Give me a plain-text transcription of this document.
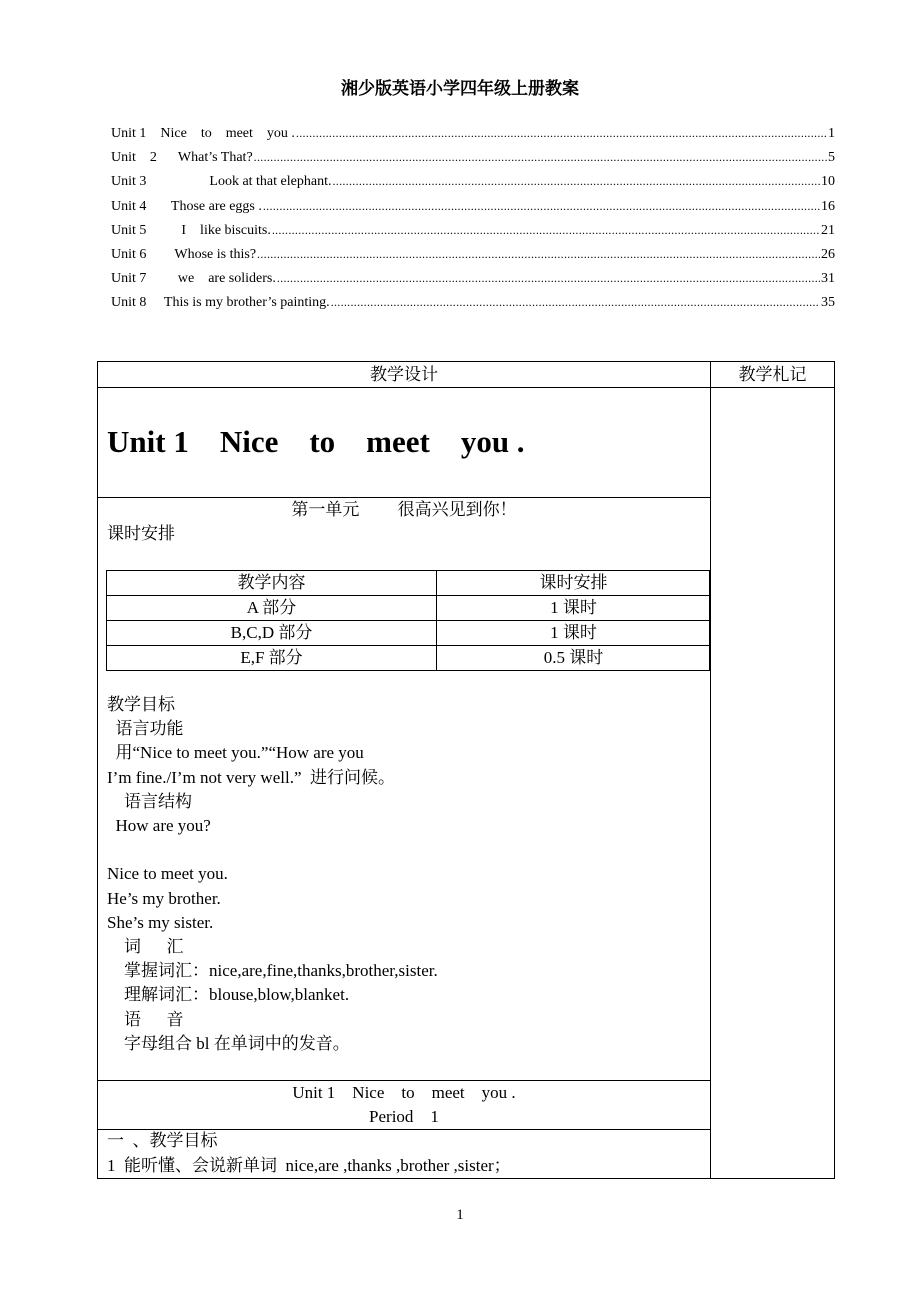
湘少版英语小学四年级上册教案
Unit 1 Nice    to    meet    you . .....	1
Unit    2 What’s That? .....	5
Unit 3 Look at that elephant. .....	10
Unit 4 Those are eggs . .....	16
Unit 5 I    like biscuits. .....	21
Unit 6 Whose is this? .....	26
Unit 7 we    are soliders. .....	31
Unit 8 This is my brother’s painting. .....	35
教学设计	教学札记
Unit 1    Nice    to    meet    you .
第一单元         很高兴见到你！
课时安排
教学内容	课时安排
A 部分	1 课时
B,C,D 部分	1 课时
E,F 部分	0.5 课时
教学目标
语言功能
用“Nice to meet you.”“How are you
I’m fine./I’m not very well.”  进行问候。
语言结构
How are you?
Nice to meet you.
He’s my brother.
She’s my sister.
词      汇
掌握词汇：nice,are,fine,thanks,brother,sister.
理解词汇：blouse,blow,blanket.
语      音
字母组合 bl 在单词中的发音。
Unit 1    Nice    to    meet    you .
Period    1
一  、教学目标
1  能听懂、会说新单词  nice,are ,thanks ,brother ,sister；
1
